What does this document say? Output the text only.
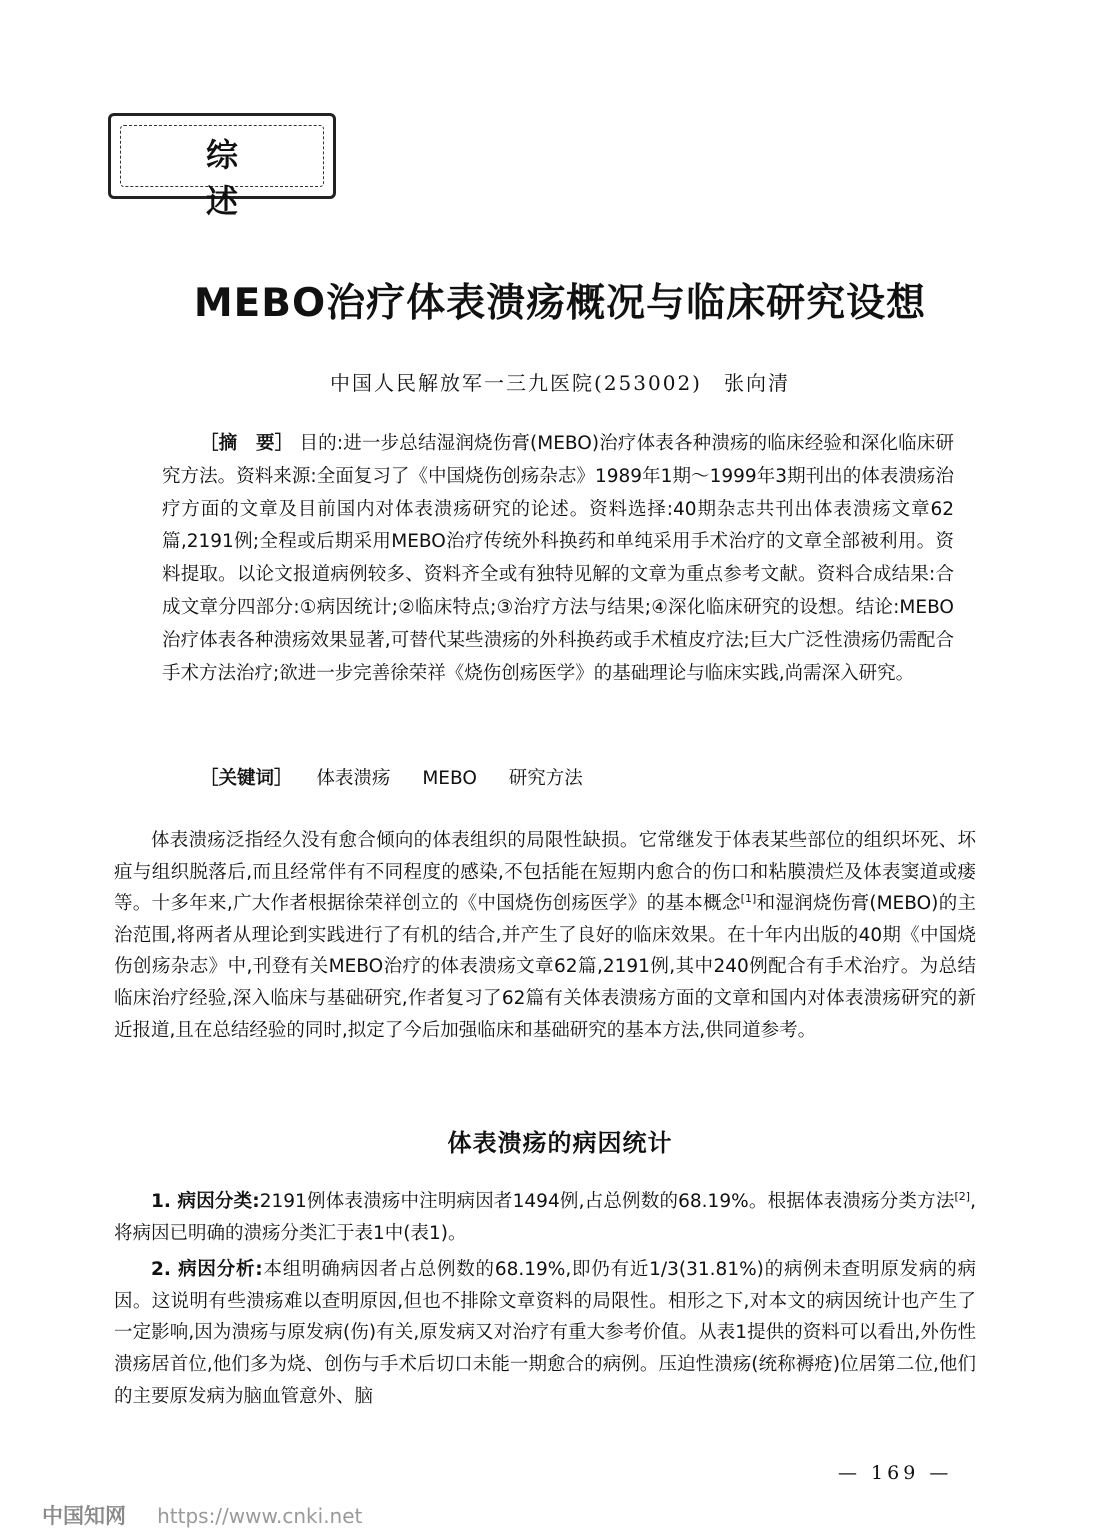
综 述
MEBO治疗体表溃疡概况与临床研究设想
中国人民解放军一三九医院(253002)　张向清
［摘　要］ 目的:进一步总结湿润烧伤膏(MEBO)治疗体表各种溃疡的临床经验和深化临床研究方法。资料来源:全面复习了《中国烧伤创疡杂志》1989年1期～1999年3期刊出的体表溃疡治疗方面的文章及目前国内对体表溃疡研究的论述。资料选择:40期杂志共刊出体表溃疡文章62篇,2191例;全程或后期采用MEBO治疗传统外科换药和单纯采用手术治疗的文章全部被利用。资料提取。以论文报道病例较多、资料齐全或有独特见解的文章为重点参考文献。资料合成结果:合成文章分四部分:①病因统计;②临床特点;③治疗方法与结果;④深化临床研究的设想。结论:MEBO治疗体表各种溃疡效果显著,可替代某些溃疡的外科换药或手术植皮疗法;巨大广泛性溃疡仍需配合手术方法治疗;欲进一步完善徐荣祥《烧伤创疡医学》的基础理论与临床实践,尚需深入研究。
［关键词］ 体表溃疡 MEBO 研究方法

体表溃疡泛指经久没有愈合倾向的体表组织的局限性缺损。它常继发于体表某些部位的组织坏死、坏疽与组织脱落后,而且经常伴有不同程度的感染,不包括能在短期内愈合的伤口和粘膜溃烂及体表窦道或瘘等。十多年来,广大作者根据徐荣祥创立的《中国烧伤创疡医学》的基本概念[1]和湿润烧伤膏(MEBO)的主治范围,将两者从理论到实践进行了有机的结合,并产生了良好的临床效果。在十年内出版的40期《中国烧伤创疡杂志》中,刊登有关MEBO治疗的体表溃疡文章62篇,2191例,其中240例配合有手术治疗。为总结临床治疗经验,深入临床与基础研究,作者复习了62篇有关体表溃疡方面的文章和国内对体表溃疡研究的新近报道,且在总结经验的同时,拟定了今后加强临床和基础研究的基本方法,供同道参考。

体表溃疡的病因统计

1. 病因分类:2191例体表溃疡中注明病因者1494例,占总例数的68.19%。根据体表溃疡分类方法[2],将病因已明确的溃疡分类汇于表1中(表1)。

2. 病因分析:本组明确病因者占总例数的68.19%,即仍有近1/3(31.81%)的病例未查明原发病的病因。这说明有些溃疡难以查明原因,但也不排除文章资料的局限性。相形之下,对本文的病因统计也产生了一定影响,因为溃疡与原发病(伤)有关,原发病又对治疗有重大参考价值。从表1提供的资料可以看出,外伤性溃疡居首位,他们多为烧、创伤与手术后切口未能一期愈合的病例。压迫性溃疡(统称褥疮)位居第二位,他们的主要原发病为脑血管意外、脑

— 169 —
中国知网 https://www.cnki.net
